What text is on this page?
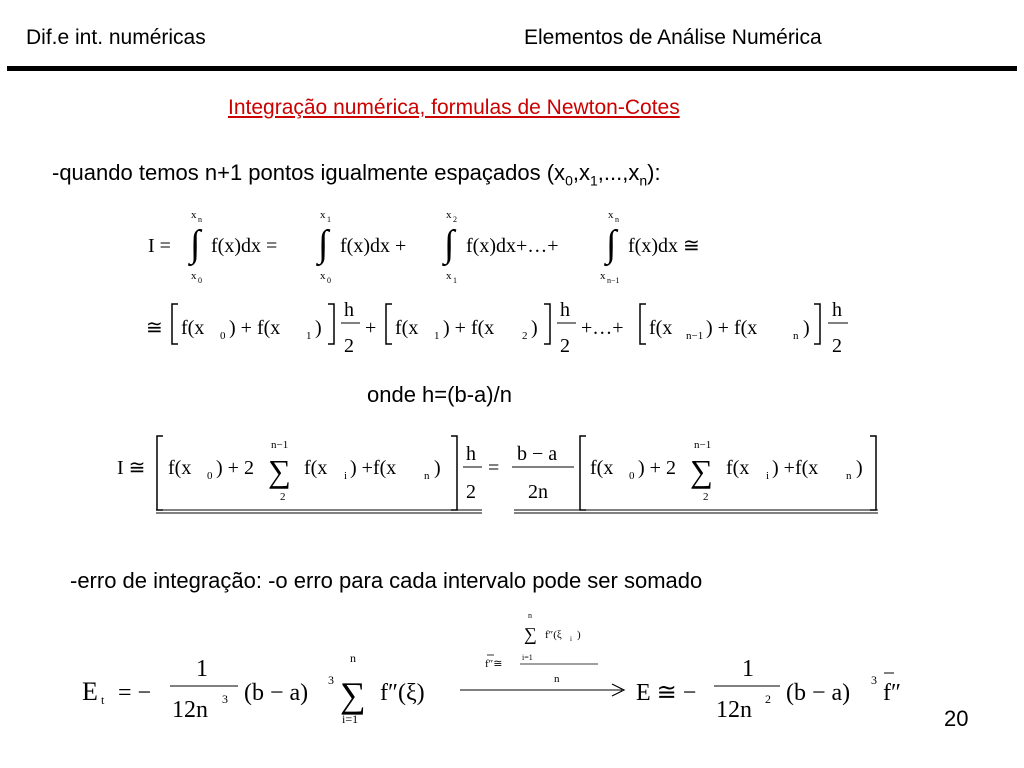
Dif.e int. numéricas	Elementos de Análise Numérica
Integração numérica, formulas de Newton-Cotes
-quando temos n+1 pontos igualmente espaçados $(x_0,x_1,...,x_n)$:
onde h=(b-a)/n
-erro de integração: -o erro para cada intervalo pode ser somado
20
I = ∫
x n
x 0
f(x)dx = ∫
x 1
x 0
f(x)dx + ∫
x 2
x 1
f(x)dx+…+ ∫
x n
x n−1
f(x)dx ≅
≅ f(x 0 ) + f(x 1 )
h
2
+ f(x 1 ) + f(x	2 )
h
2
+…+ f(x n−1 ) + f(x	n )
h
2
I ≅ f(x 0 ) + 2 ∑
n−1
2
f(x i ) +f(x	n )
h
2
=
b − a
2n
f(x 0 ) + 2 ∑
n−1
2
f(x i ) +f(x	n )
E t = −
1
12n 3 (b − a) 3 ∑
n
i=1
f″(ξ)
∑
n
i=1
f″(ξ i )
f″≅
n
E ≅ −
1
12n 2 (b − a) 3 f″
